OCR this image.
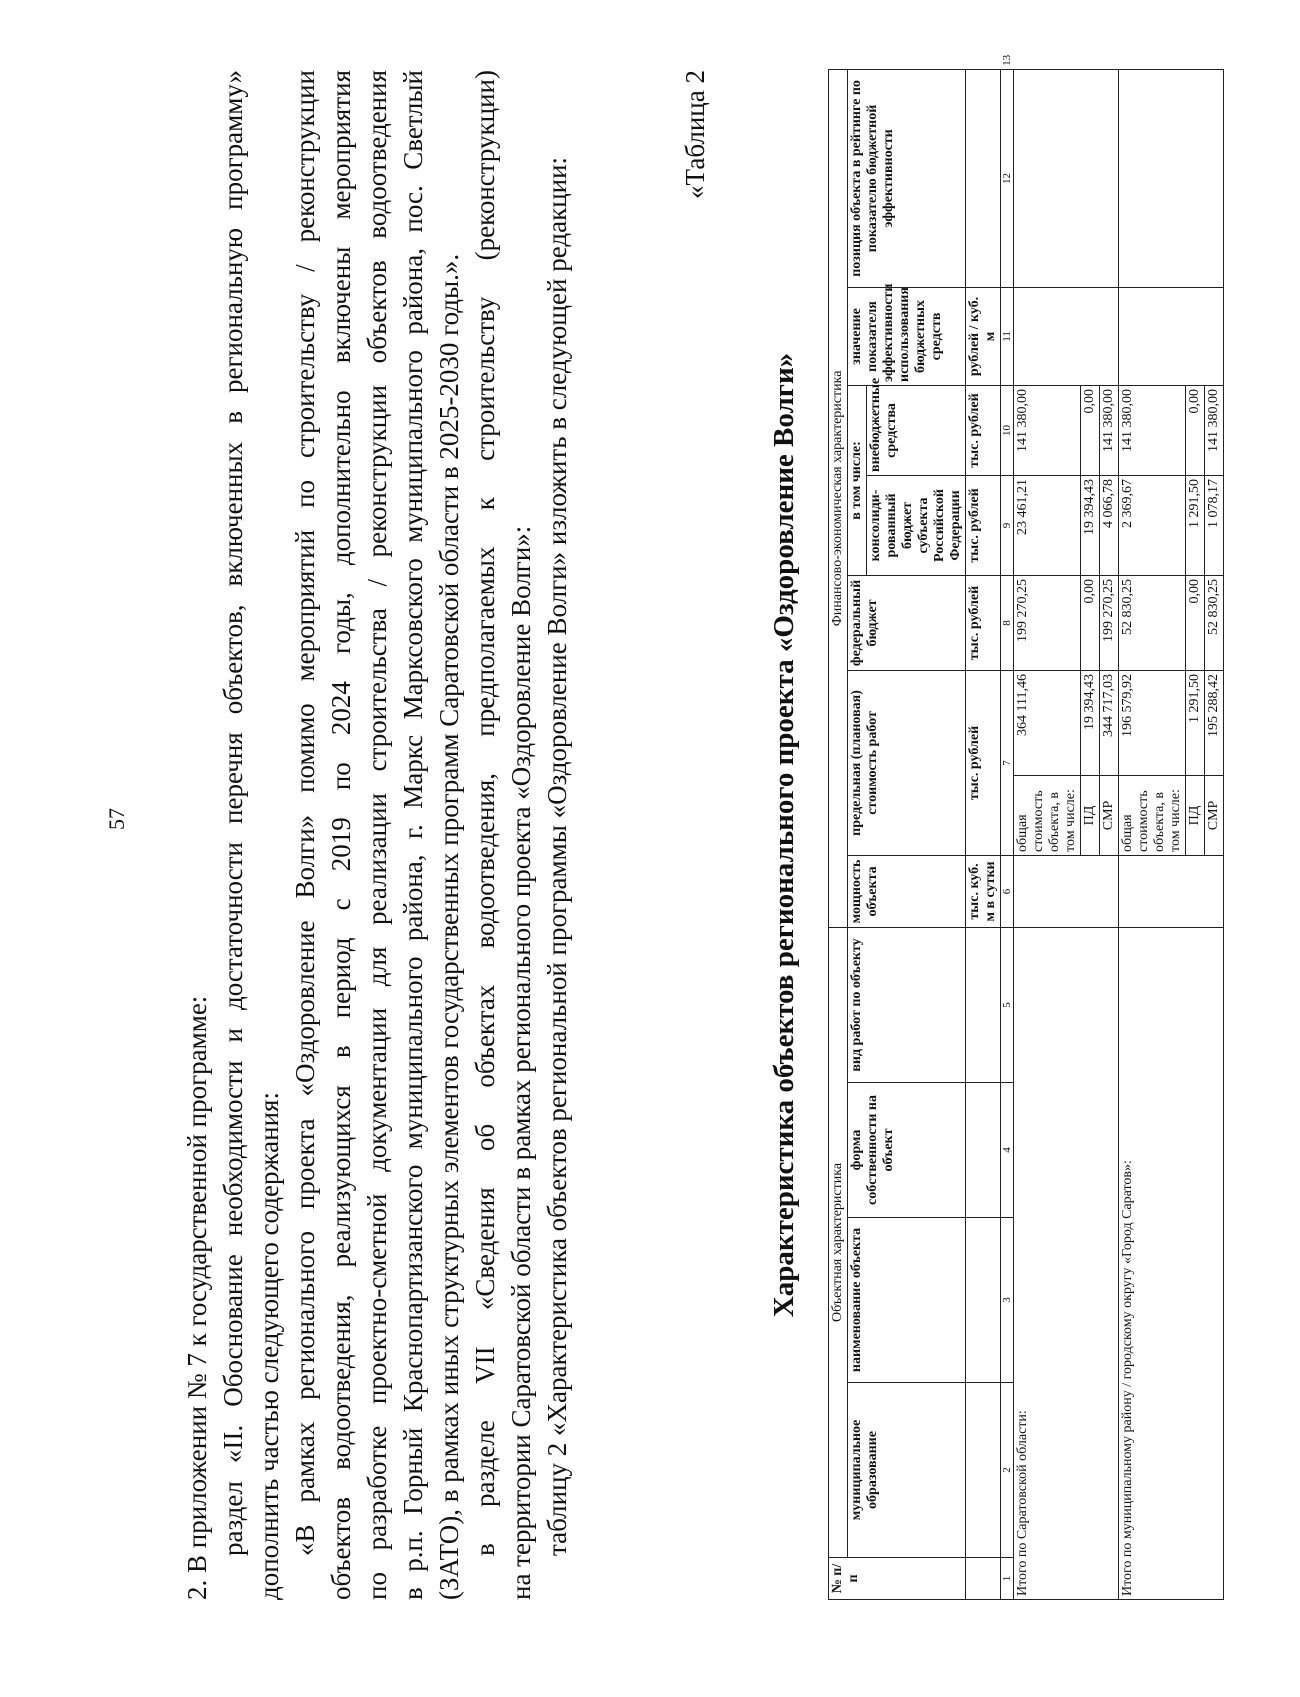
57

2. В приложении № 7 к государственной программе: раздел «II. Обоснование необходимости и достаточности перечня объектов, включенных в региональную программу» дополнить частью следующего содержания: «В рамках регионального проекта «Оздоровление Волги» помимо мероприятий по строительству / реконструкции объектов водоотведения, реализующихся в период с 2019 по 2024 годы, дополнительно включены мероприятия по разработке проектно-сметной документации для реализации строительства / реконструкции объектов водоотведения в р.п. Горный Краснопартизанского муниципального района, г. Маркс Марксовского муниципального района, пос. Светлый (ЗАТО), в рамках иных структурных элементов государственных программ Саратовской области в 2025-2030 годы.». в разделе VII «Сведения об объектах водоотведения, предполагаемых к строительству (реконструкции) на территории Саратовской области в рамках регионального проекта «Оздоровление Волги»: таблицу 2 «Характеристика объектов региональной программы «Оздоровление Волги» изложить в следующей редакции:

«Таблица 2
Характеристика объектов регионального проекта «Оздоровление Волги»
№ п/п	Объектная характеристика				Финансово-экономическая характеристика								
	муниципальное образование	наименование объекта	форма собственности на объект	вид работ по объекту	мощность объекта	предельная (плановая) стоимость работ		федеральный бюджет	в том числе:		значение показателя эффективности использования бюджетных средств	позиция объекта в рейтинге по показателю бюджетной эффективности	
									консолиди-рованный бюджет субъекта Российской Федерации	внебюджетные средства			
					тыс. куб. м в сутки	тыс. рублей		тыс. рублей	тыс. рублей	тыс. рублей	рублей / куб. м		
1	2	3	4	5	6	7		8	9	10	11	12	13
Итого по Саратовской области:						общая стоимость объекта, в том числе:	364 111,46	199 270,25	23 461,21	141 380,00			
						ПД	19 394,43	0,00	19 394,43	0,00			
						СМР	344 717,03	199 270,25	4 066,78	141 380,00			
Итого по муниципальному району / городскому округу «Город Саратов»:						общая стоимость объекта, в том числе:	196 579,92	52 830,25	2 369,67	141 380,00			
						ПД	1 291,50	0,00	1 291,50	0,00			
						СМР	195 288,42	52 830,25	1 078,17	141 380,00			
